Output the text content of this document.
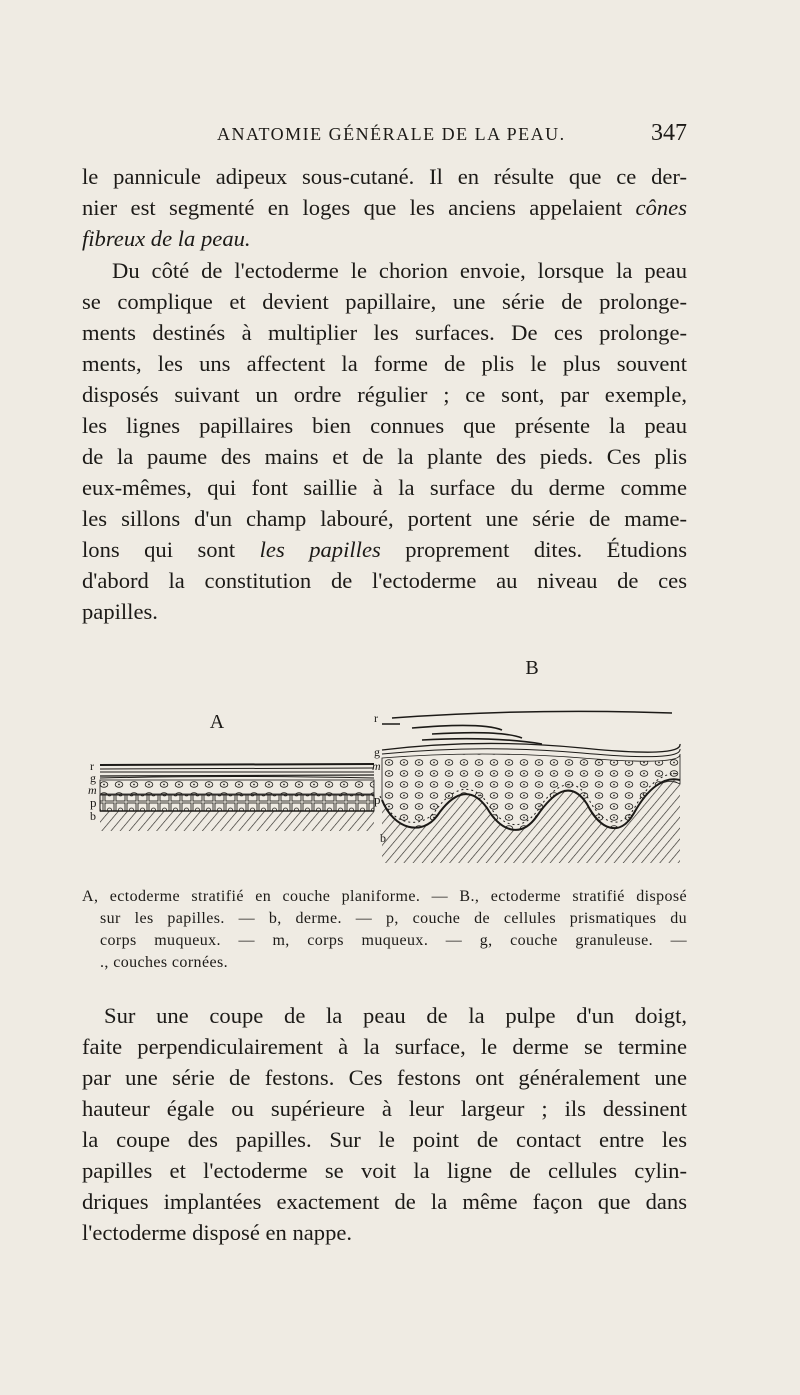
ANATOMIE GÉNÉRALE DE LA PEAU.	347
le pannicule adipeux sous-cutané. Il en résulte que ce der-
nier est segmenté en loges que les anciens appelaient cônes
fibreux de la peau.
Du côté de l'ectoderme le chorion envoie, lorsque la peau
se complique et devient papillaire, une série de prolonge-
ments destinés à multiplier les surfaces. De ces prolonge-
ments, les uns affectent la forme de plis le plus souvent
disposés suivant un ordre régulier ; ce sont, par exemple,
les lignes papillaires bien connues que présente la peau
de la paume des mains et de la plante des pieds. Ces plis
eux-mêmes, qui font saillie à la surface du derme comme
les sillons d'un champ labouré, portent une série de mame-
lons qui sont les papilles proprement dites. Étudions
d'abord la constitution de l'ectoderme au niveau de ces
papilles.
A
r
g
m
p
b
B
r
g
m
p
b
A, ectoderme stratifié en couche planiforme. — B., ectoderme stratifié disposé
sur les papilles. — b, derme. — p, couche de cellules prismatiques du
corps muqueux. — m, corps muqueux. — g, couche granuleuse. —
., couches cornées.
Sur une coupe de la peau de la pulpe d'un doigt,
faite perpendiculairement à la surface, le derme se termine
par une série de festons. Ces festons ont généralement une
hauteur égale ou supérieure à leur largeur ; ils dessinent
la coupe des papilles. Sur le point de contact entre les
papilles et l'ectoderme se voit la ligne de cellules cylin-
driques implantées exactement de la même façon que dans
l'ectoderme disposé en nappe.
